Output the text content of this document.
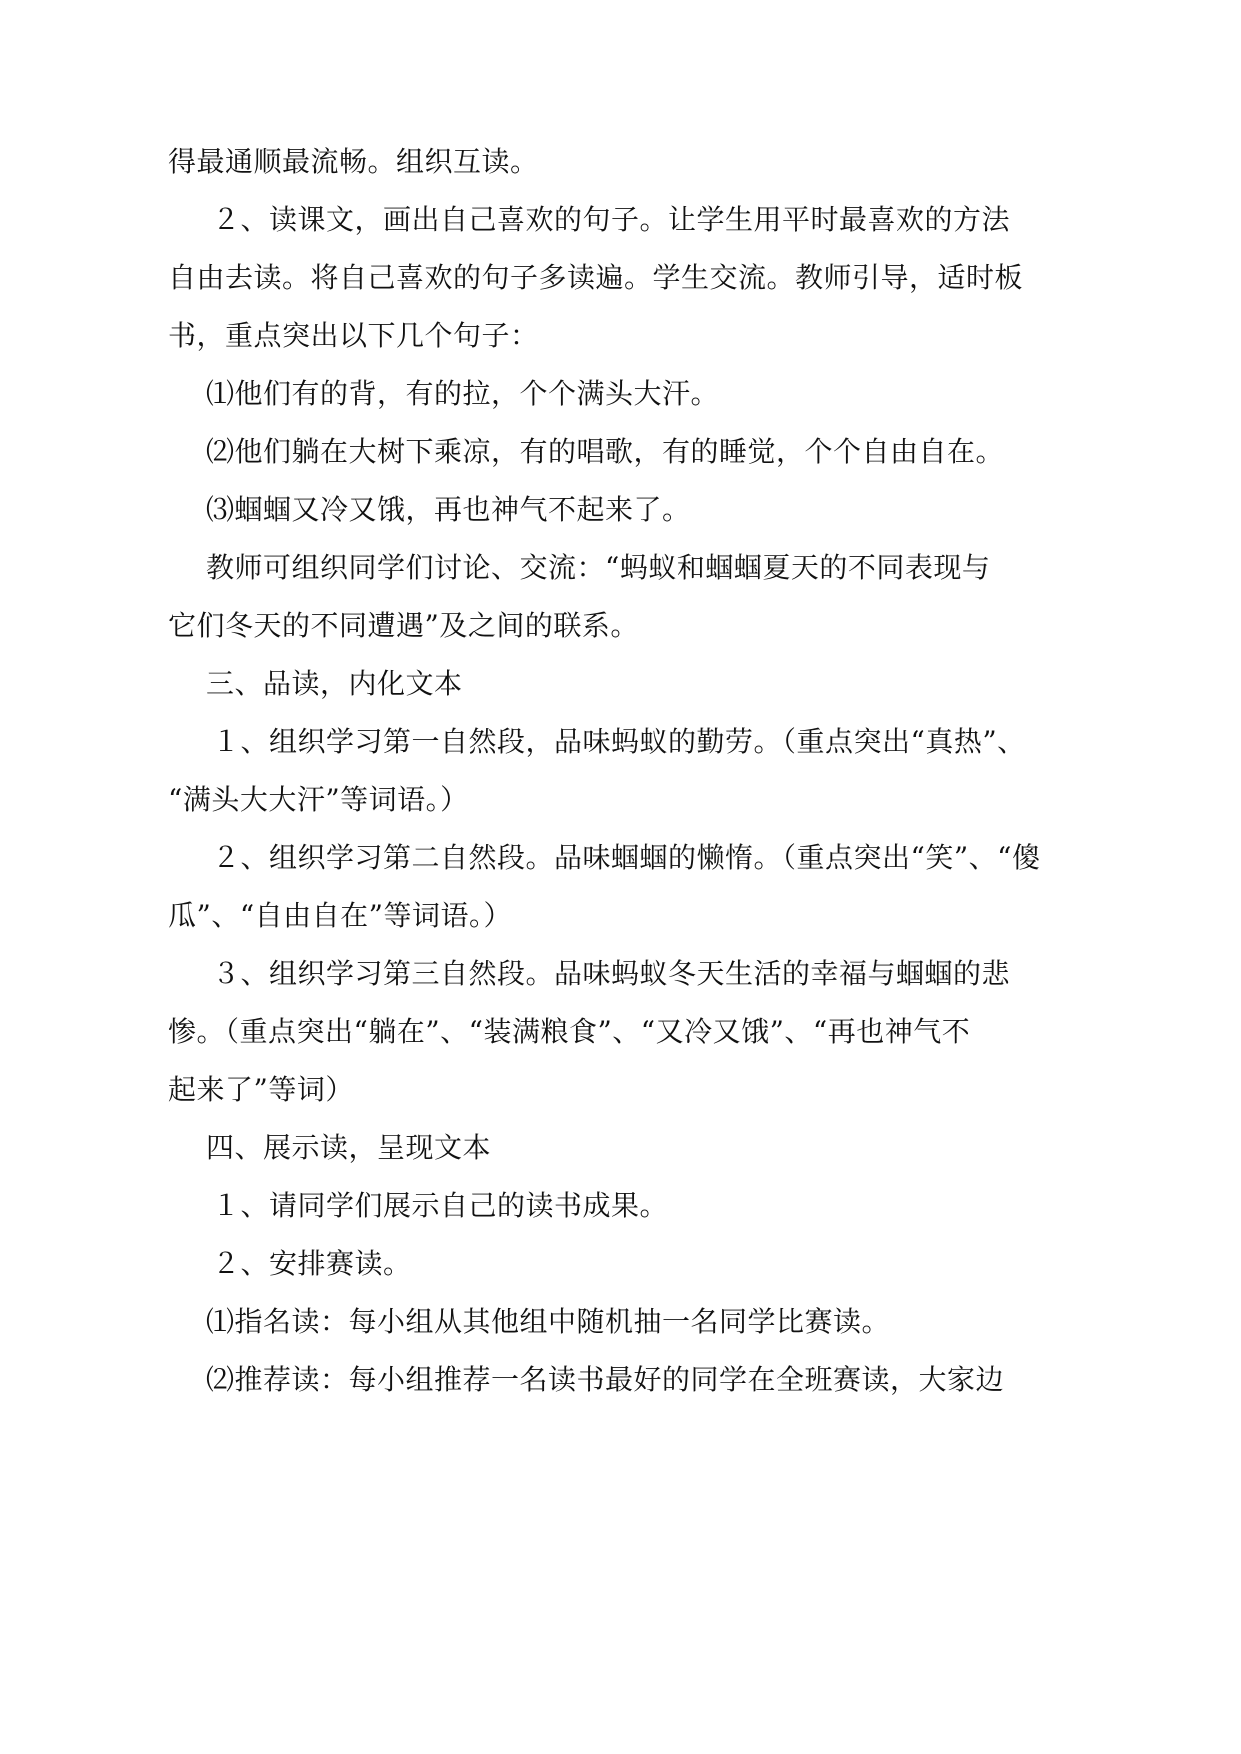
得最通顺最流畅。组织互读。
２、读课文，画出自己喜欢的句子。让学生用平时最喜欢的方法
自由去读。将自己喜欢的句子多读遍。学生交流。教师引导，适时板
书，重点突出以下几个句子：
⑴他们有的背，有的拉，个个满头大汗。
⑵他们躺在大树下乘凉，有的唱歌，有的睡觉，个个自由自在。
⑶蝈蝈又冷又饿，再也神气不起来了。
教师可组织同学们讨论、交流：“蚂蚁和蝈蝈夏天的不同表现与
它们冬天的不同遭遇”及之间的联系。
三、品读，内化文本
１、组织学习第一自然段，品味蚂蚁的勤劳。（重点突出“真热”、
“满头大大汗”等词语。）
２、组织学习第二自然段。品味蝈蝈的懒惰。（重点突出“笑”、“傻
瓜”、“自由自在”等词语。）
３、组织学习第三自然段。品味蚂蚁冬天生活的幸福与蝈蝈的悲
惨。（重点突出“躺在”、“装满粮食”、“又冷又饿”、“再也神气不
起来了”等词）
四、展示读，呈现文本
１、请同学们展示自己的读书成果。
２、安排赛读。
⑴指名读：每小组从其他组中随机抽一名同学比赛读。
⑵推荐读：每小组推荐一名读书最好的同学在全班赛读，大家边
